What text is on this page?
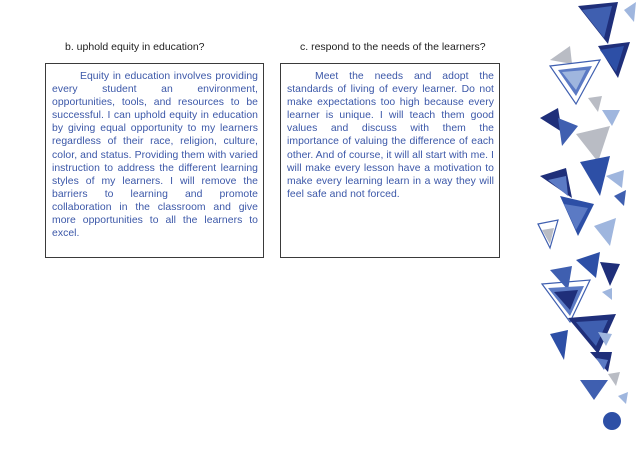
b. uphold equity in education?	c. respond to the needs of the learners?

Equity in education involves providing every student an environment, opportunities, tools, and resources to be successful. I can uphold equity in education by giving equal opportunity to my learners regardless of their race, religion, culture, color, and status. Providing them with varied instruction to address the different learning styles of my learners. I will remove the barriers to learning and promote collaboration in the classroom and give more opportunities to all the learners to excel.

Meet the needs and adopt the standards of living of every learner. Do not make expectations too high because every learner is unique. I will teach them good values and discuss with them the importance of valuing the difference of each other. And of course, it will all start with me. I will make every lesson have a motivation to make every learning learn in a way they will feel safe and not forced.
